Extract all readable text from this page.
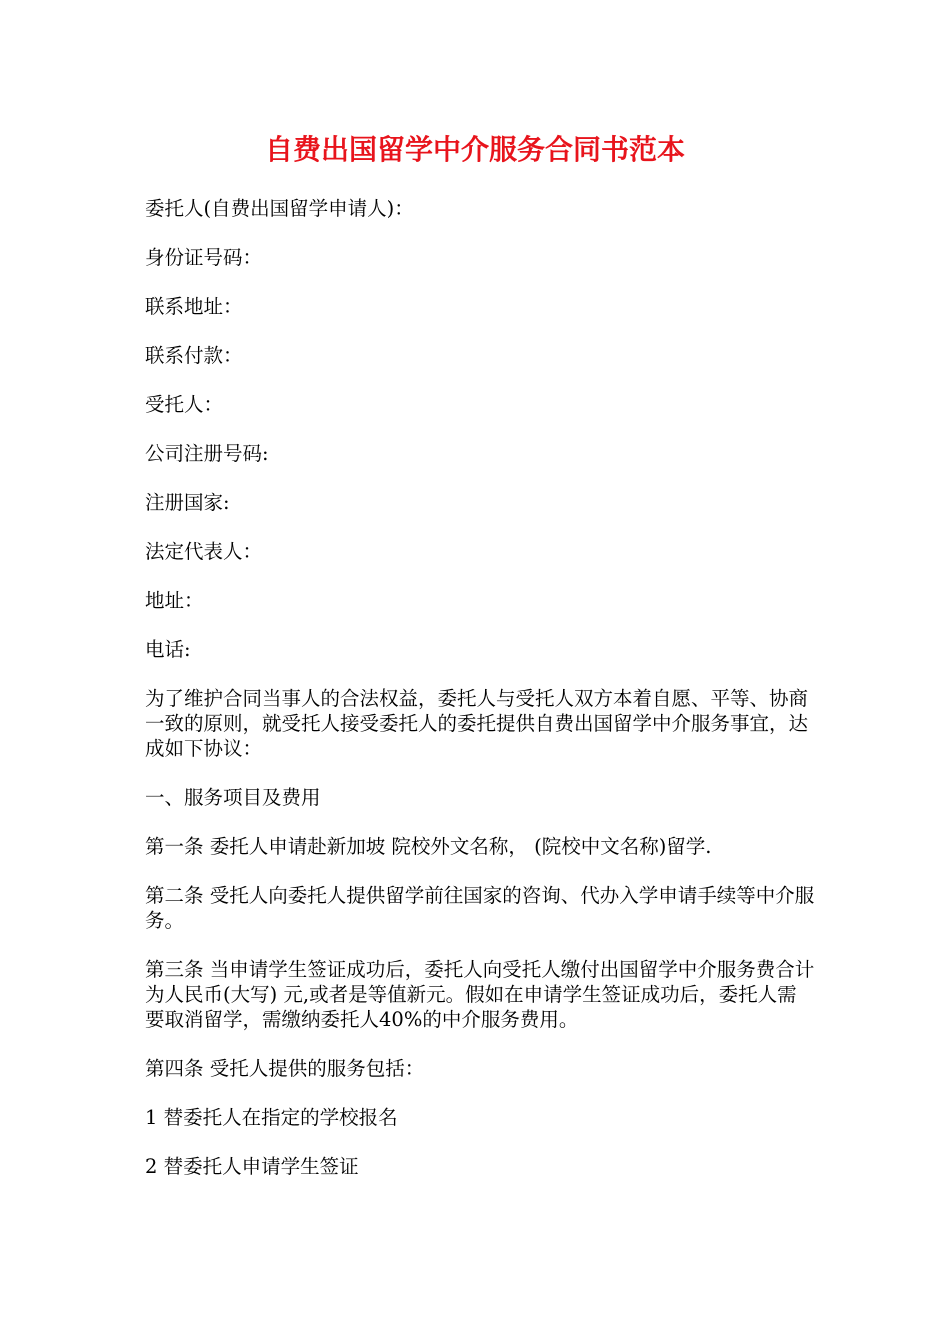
自费出国留学中介服务合同书范本

委托人(自费出国留学申请人)：

身份证号码：

联系地址：

联系付款：

受托人：

公司注册号码:

注册国家:

法定代表人：

地址：

电话:

为了维护合同当事人的合法权益，委托人与受托人双方本着自愿、平等、协商一致的原则，就受托人接受委托人的委托提供自费出国留学中介服务事宜，达成如下协议：

一、服务项目及费用

第一条 委托人申请赴新加坡 院校外文名称， (院校中文名称)留学.

第二条 受托人向委托人提供留学前往国家的咨询、代办入学申请手续等中介服务。

第三条 当申请学生签证成功后，委托人向受托人缴付出国留学中介服务费合计为人民币(大写) 元,或者是等值新元。假如在申请学生签证成功后，委托人需要取消留学，需缴纳委托人40%的中介服务费用。

第四条 受托人提供的服务包括：

1 替委托人在指定的学校报名

2 替委托人申请学生签证
